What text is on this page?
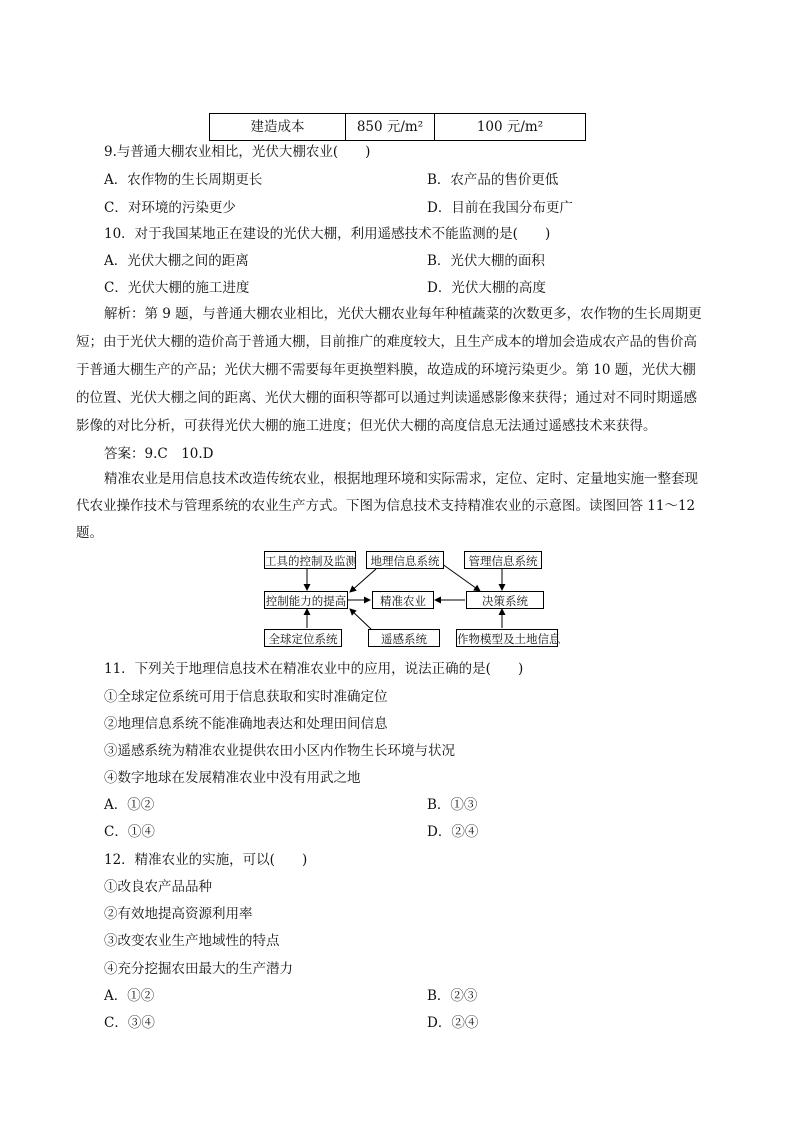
建造成本	850 元/m²	100 元/m²
9.与普通大棚农业相比，光伏大棚农业(　　)
A．农作物的生长周期更长	B．农产品的售价更低
C．对环境的污染更少	D．目前在我国分布更广
10．对于我国某地正在建设的光伏大棚，利用遥感技术不能监测的是(　　)
A．光伏大棚之间的距离	B．光伏大棚的面积
C．光伏大棚的施工进度	D．光伏大棚的高度
解析：第 9 题，与普通大棚农业相比，光伏大棚农业每年种植蔬菜的次数更多，农作物的生长周期更
短；由于光伏大棚的造价高于普通大棚，目前推广的难度较大，且生产成本的增加会造成农产品的售价高
于普通大棚生产的产品；光伏大棚不需要每年更换塑料膜，故造成的环境污染更少。第 10 题，光伏大棚
的位置、光伏大棚之间的距离、光伏大棚的面积等都可以通过判读遥感影像来获得；通过对不同时期遥感
影像的对比分析，可获得光伏大棚的施工进度；但光伏大棚的高度信息无法通过遥感技术来获得。
答案：9.C　10.D
精准农业是用信息技术改造传统农业，根据地理环境和实际需求，定位、定时、定量地实施一整套现
代农业操作技术与管理系统的农业生产方式。下图为信息技术支持精准农业的示意图。读图回答 11～12
题。
工具的控制及监测	地理信息系统	管理信息系统
控制能力的提高	精准农业	决策系统
全球定位系统	遥感系统	作物模型及土地信息
11．下列关于地理信息技术在精准农业中的应用，说法正确的是(　　)
①全球定位系统可用于信息获取和实时准确定位
②地理信息系统不能准确地表达和处理田间信息
③遥感系统为精准农业提供农田小区内作物生长环境与状况
④数字地球在发展精准农业中没有用武之地
A．①②	B．①③
C．①④	D．②④
12．精准农业的实施，可以(　　)
①改良农产品品种
②有效地提高资源利用率
③改变农业生产地域性的特点
④充分挖掘农田最大的生产潜力
A．①②	B．②③
C．③④	D．②④
